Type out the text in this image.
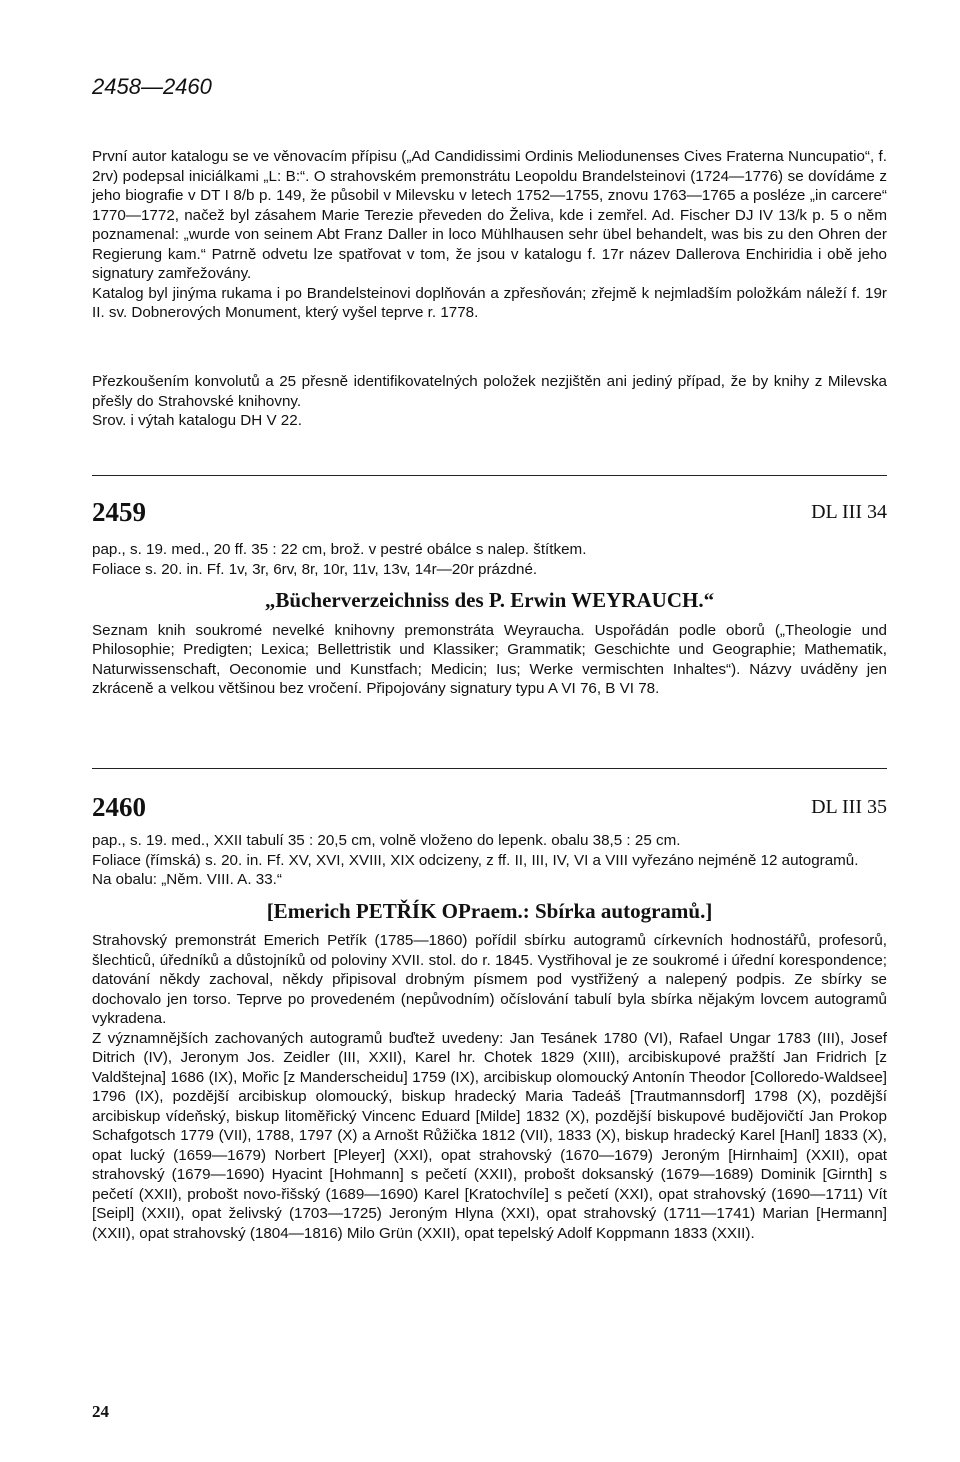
2458—2460

První autor katalogu se ve věnovacím přípisu („Ad Candidissimi Ordinis Meliodunenses Cives Fraterna Nuncupatio“, f. 2rv) podepsal iniciálkami „L: B:“. O strahovském premonstrátu Leopoldu Brandelsteinovi (1724—1776) se dovídáme z jeho biografie v DT I 8/b p. 149, že působil v Milevsku v letech 1752—1755, znovu 1763—1765 a posléze „in carcere“ 1770—1772, načež byl zásahem Marie Terezie převeden do Želiva, kde i zemřel. Ad. Fischer DJ IV 13/k p. 5 o něm poznamenal: „wurde von seinem Abt Franz Daller in loco Mühlhausen sehr übel behandelt, was bis zu den Ohren der Regierung kam.“ Patrně odvetu lze spatřovat v tom, že jsou v katalogu f. 17r název Dallerova Enchiridia i obě jeho signatury zamřežovány.

Katalog byl jinýma rukama i po Brandelsteinovi doplňován a zpřesňován; zřejmě k nejmladším položkám náleží f. 19r II. sv. Dobnerových Monument, který vyšel teprve r. 1778.

Přezkoušením konvolutů a 25 přesně identifikovatelných položek nezjištěn ani jediný případ, že by knihy z Milevska přešly do Strahovské knihovny.

Srov. i výtah katalogu DH V 22.

2459	DL III 34

pap., s. 19. med., 20 ff. 35 : 22 cm, brož. v pestré obálce s nalep. štítkem.

Foliace s. 20. in. Ff. 1v, 3r, 6rv, 8r, 10r, 11v, 13v, 14r—20r prázdné.

„Bücherverzeichniss des P. Erwin WEYRAUCH.“

Seznam knih soukromé nevelké knihovny premonstráta Weyraucha. Uspořádán podle oborů („Theologie und Philosophie; Predigten; Lexica; Bellettristik und Klassiker; Grammatik; Geschichte und Geographie; Mathematik, Naturwissenschaft, Oeconomie und Kunstfach; Medicin; Ius; Werke vermischten Inhaltes“). Názvy uváděny jen zkráceně a velkou většinou bez vročení. Připojovány signatury typu A VI 76, B VI 78.

2460	DL III 35

pap., s. 19. med., XXII tabulí 35 : 20,5 cm, volně vloženo do lepenk. obalu 38,5 : 25 cm.

Foliace (římská) s. 20. in. Ff. XV, XVI, XVIII, XIX odcizeny, z ff. II, III, IV, VI a VIII vyřezáno nejméně 12 autogramů.

Na obalu: „Něm. VIII. A. 33.“

[Emerich PETŘÍK OPraem.: Sbírka autogramů.]

Strahovský premonstrát Emerich Petřík (1785—1860) pořídil sbírku autogramů církevních hodnostářů, profesorů, šlechticů, úředníků a důstojníků od poloviny XVII. stol. do r. 1845. Vystřihoval je ze soukromé i úřední korespondence; datování někdy zachoval, někdy připisoval drobným písmem pod vystřižený a nalepený podpis. Ze sbírky se dochovalo jen torso. Teprve po provedeném (nepůvodním) očíslování tabulí byla sbírka nějakým lovcem autogramů vykradena.

Z významnějších zachovaných autogramů buďtež uvedeny: Jan Tesánek 1780 (VI), Rafael Ungar 1783 (III), Josef Ditrich (IV), Jeronym Jos. Zeidler (III, XXII), Karel hr. Chotek 1829 (XIII), arcibiskupové pražští Jan Fridrich [z Valdštejna] 1686 (IX), Mořic [z Manderscheidu] 1759 (IX), arcibiskup olomoucký Antonín Theodor [Colloredo-Waldsee] 1796 (IX), pozdější arcibiskup olomoucký, biskup hradecký Maria Tadeáš [Trautmannsdorf] 1798 (X), pozdější arcibiskup vídeňský, biskup litoměřický Vincenc Eduard [Milde] 1832 (X), pozdější biskupové budějovičtí Jan Prokop Schafgotsch 1779 (VII), 1788, 1797 (X) a Arnošt Růžička 1812 (VII), 1833 (X), biskup hradecký Karel [Hanl] 1833 (X), opat lucký (1659—1679) Norbert [Pleyer] (XXI), opat strahovský (1670—1679) Jeroným [Hirnhaim] (XXII), opat strahovský (1679—1690) Hyacint [Hohmann] s pečetí (XXII), probošt doksanský (1679—1689) Dominik [Girnth] s pečetí (XXII), probošt novo-řišský (1689—1690) Karel [Kratochvíle] s pečetí (XXI), opat strahovský (1690—1711) Vít [Seipl] (XXII), opat želivský (1703—1725) Jeroným Hlyna (XXI), opat strahovský (1711—1741) Marian [Hermann] (XXII), opat strahovský (1804—1816) Milo Grün (XXII), opat tepelský Adolf Koppmann 1833 (XXII).

24
